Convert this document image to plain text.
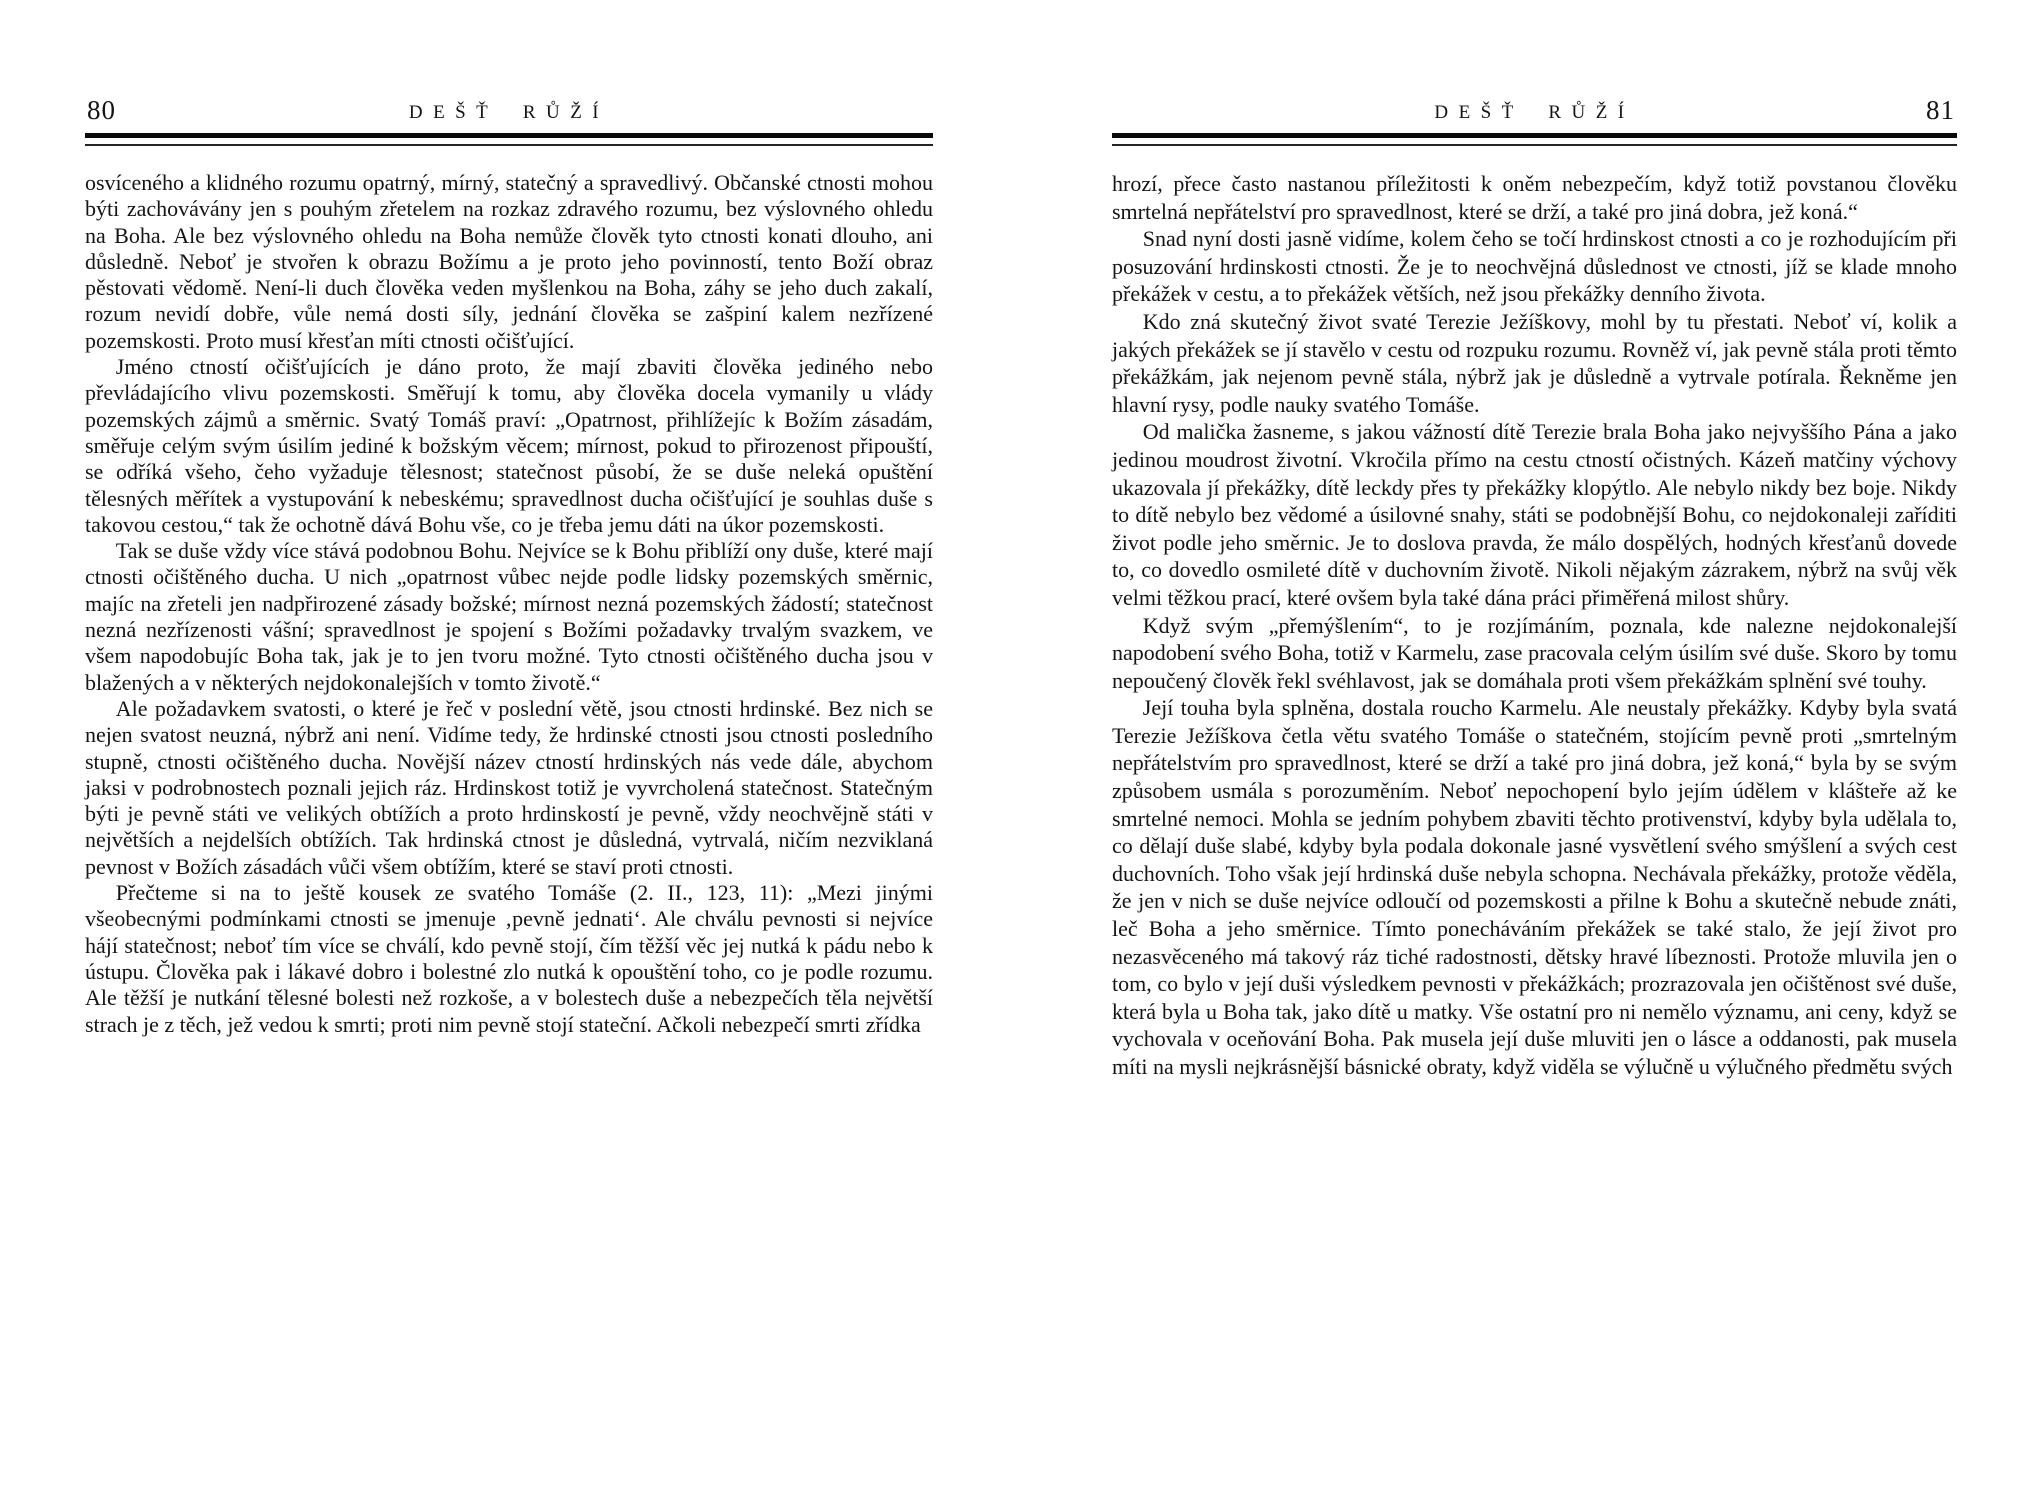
80	DEŠŤ RŮŽÍ

osvíceného a klidného rozumu opatrný, mírný, statečný a spravedlivý. Občanské ctnosti mohou býti zachovávány jen s pouhým zřetelem na rozkaz zdravého rozumu, bez výslovného ohledu na Boha. Ale bez výslovného ohledu na Boha nemůže člověk tyto ctnosti konati dlouho, ani důsledně. Neboť je stvořen k obrazu Božímu a je proto jeho povinností, tento Boží obraz pěstovati vědomě. Není-li duch člověka veden myšlenkou na Boha, záhy se jeho duch zakalí, rozum nevidí dobře, vůle nemá dosti síly, jednání člověka se zašpiní kalem nezřízené pozemskosti. Proto musí křesťan míti ctnosti očišťující.

Jméno ctností očišťujících je dáno proto, že mají zbaviti člověka jediného nebo převládajícího vlivu pozemskosti. Směřují k tomu, aby člověka docela vymanily u vlády pozemských zájmů a směrnic. Svatý Tomáš praví: „Opatrnost, přihlížejíc k Božím zásadám, směřuje celým svým úsilím jediné k božským věcem; mírnost, pokud to přirozenost připouští, se odříká všeho, čeho vyžaduje tělesnost; statečnost působí, že se duše neleká opuštění tělesných měřítek a vystupování k nebeskému; spravedlnost ducha očišťující je souhlas duše s takovou cestou,“ tak že ochotně dává Bohu vše, co je třeba jemu dáti na úkor pozemskosti.

Tak se duše vždy více stává podobnou Bohu. Nejvíce se k Bohu přiblíží ony duše, které mají ctnosti očištěného ducha. U nich „opatrnost vůbec nejde podle lidsky pozemských směrnic, majíc na zřeteli jen nadpřirozené zásady božské; mírnost nezná pozemských žádostí; statečnost nezná nezřízenosti vášní; spravedlnost je spojení s Božími požadavky trvalým svazkem, ve všem napodobujíc Boha tak, jak je to jen tvoru možné. Tyto ctnosti očištěného ducha jsou v blažených a v některých nejdokonalejších v tomto životě.“

Ale požadavkem svatosti, o které je řeč v poslední větě, jsou ctnosti hrdinské. Bez nich se nejen svatost neuzná, nýbrž ani není. Vidíme tedy, že hrdinské ctnosti jsou ctnosti posledního stupně, ctnosti očištěného ducha. Novější název ctností hrdinských nás vede dále, abychom jaksi v podrobnostech poznali jejich ráz. Hrdinskost totiž je vyvrcholená statečnost. Statečným býti je pevně státi ve velikých obtížích a proto hrdinskostí je pevně, vždy neochvějně státi v největších a nejdelších obtížích. Tak hrdinská ctnost je důsledná, vytrvalá, ničím nezviklaná pevnost v Božích zásadách vůči všem obtížím, které se staví proti ctnosti.

Přečteme si na to ještě kousek ze svatého Tomáše (2. II., 123, 11): „Mezi jinými všeobecnými podmínkami ctnosti se jmenuje ‚pevně jednati‘. Ale chválu pevnosti si nejvíce hájí statečnost; neboť tím více se chválí, kdo pevně stojí, čím těžší věc jej nutká k pádu nebo k ústupu. Člověka pak i lákavé dobro i bolestné zlo nutká k opouštění toho, co je podle rozumu. Ale těžší je nutkání tělesné bolesti než rozkoše, a v bolestech duše a nebezpečích těla největší strach je z těch, jež vedou k smrti; proti nim pevně stojí stateční. Ačkoli nebezpečí smrti zřídka

DEŠŤ RŮŽÍ	81

hrozí, přece často nastanou příležitosti k oněm nebezpečím, když totiž povstanou člověku smrtelná nepřátelství pro spravedlnost, které se drží, a také pro jiná dobra, jež koná.“

Snad nyní dosti jasně vidíme, kolem čeho se točí hrdinskost ctnosti a co je rozhodujícím při posuzování hrdinskosti ctnosti. Že je to neochvějná důslednost ve ctnosti, jíž se klade mnoho překážek v cestu, a to překážek větších, než jsou překážky denního života.

Kdo zná skutečný život svaté Terezie Ježíškovy, mohl by tu přestati. Neboť ví, kolik a jakých překážek se jí stavělo v cestu od rozpuku rozumu. Rovněž ví, jak pevně stála proti těmto překážkám, jak nejenom pevně stála, nýbrž jak je důsledně a vytrvale potírala. Řekněme jen hlavní rysy, podle nauky svatého Tomáše.

Od malička žasneme, s jakou vážností dítě Terezie brala Boha jako nejvyššího Pána a jako jedinou moudrost životní. Vkročila přímo na cestu ctností očistných. Kázeň matčiny výchovy ukazovala jí překážky, dítě leckdy přes ty překážky klopýtlo. Ale nebylo nikdy bez boje. Nikdy to dítě nebylo bez vědomé a úsilovné snahy, státi se podobnější Bohu, co nejdokonaleji zaříditi život podle jeho směrnic. Je to doslova pravda, že málo dospělých, hodných křesťanů dovede to, co dovedlo osmileté dítě v duchovním životě. Nikoli nějakým zázrakem, nýbrž na svůj věk velmi těžkou prací, které ovšem byla také dána práci přiměřená milost shůry.

Když svým „přemýšlením“, to je rozjímáním, poznala, kde nalezne nejdokonalejší napodobení svého Boha, totiž v Karmelu, zase pracovala celým úsilím své duše. Skoro by tomu nepoučený člověk řekl svéhlavost, jak se domáhala proti všem překážkám splnění své touhy.

Její touha byla splněna, dostala roucho Karmelu. Ale neustaly překážky. Kdyby byla svatá Terezie Ježíškova četla větu svatého Tomáše o statečném, stojícím pevně proti „smrtelným nepřátelstvím pro spravedlnost, které se drží a také pro jiná dobra, jež koná,“ byla by se svým způsobem usmála s porozuměním. Neboť nepochopení bylo jejím údělem v klášteře až ke smrtelné nemoci. Mohla se jedním pohybem zbaviti těchto protivenství, kdyby byla udělala to, co dělají duše slabé, kdyby byla podala dokonale jasné vysvětlení svého smýšlení a svých cest duchovních. Toho však její hrdinská duše nebyla schopna. Nechávala překážky, protože věděla, že jen v nich se duše nejvíce odloučí od pozemskosti a přilne k Bohu a skutečně nebude znáti, leč Boha a jeho směrnice. Tímto ponecháváním překážek se také stalo, že její život pro nezasvěceného má takový ráz tiché radostnosti, dětsky hravé líbeznosti. Protože mluvila jen o tom, co bylo v její duši výsledkem pevnosti v překážkách; prozrazovala jen očištěnost své duše, která byla u Boha tak, jako dítě u matky. Vše ostatní pro ni nemělo významu, ani ceny, když se vychovala v oceňování Boha. Pak musela její duše mluviti jen o lásce a oddanosti, pak musela míti na mysli nejkrásnější básnické obraty, když viděla se výlučně u výlučného předmětu svých
